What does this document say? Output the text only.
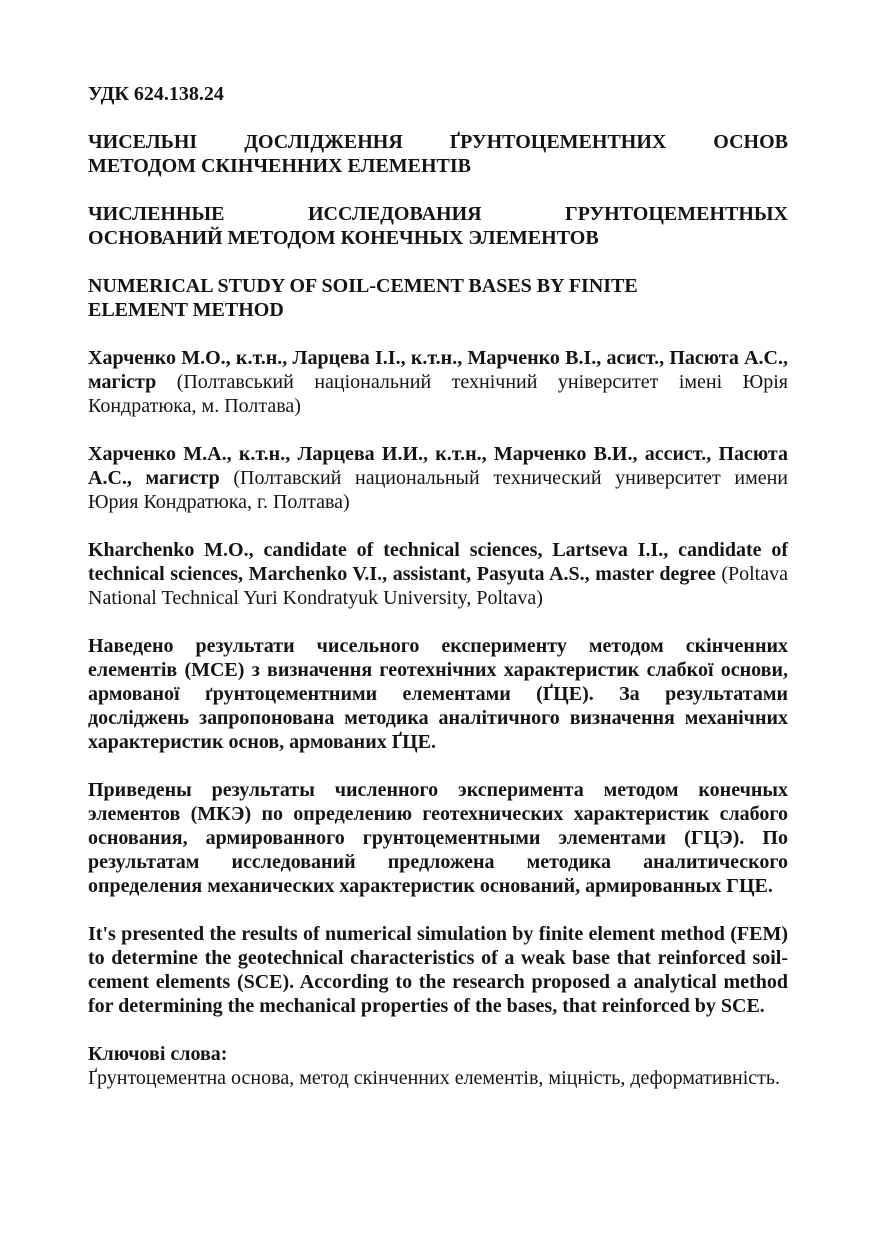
УДК 624.138.24

ЧИСЕЛЬНІ ДОСЛІДЖЕННЯ ҐРУНТОЦЕМЕНТНИХ ОСНОВ
МЕТОДОМ СКІНЧЕННИХ ЕЛЕМЕНТІВ
ЧИСЛЕННЫЕ ИССЛЕДОВАНИЯ ГРУНТОЦЕМЕНТНЫХ
ОСНОВАНИЙ МЕТОДОМ КОНЕЧНЫХ ЭЛЕМЕНТОВ
NUMERICAL STUDY OF SOIL-CEMENT BASES BY FINITE
ELEMENT METHOD

Харченко М.О., к.т.н., Ларцева І.І., к.т.н., Марченко В.І., асист., Пасюта А.С., магістр (Полтавський національний технічний університет імені Юрія Кондратюка, м. Полтава)

Харченко М.А., к.т.н., Ларцева И.И., к.т.н., Марченко В.И., ассист., Пасюта А.С., магистр (Полтавский национальный технический университет имени Юрия Кондратюка, г. Полтава)

Kharchenko M.O., candidate of technical sciences, Lartseva I.I., candidate of technical sciences, Marchenko V.I., assistant, Pasyuta A.S., master degree (Poltava National Technical Yuri Kondratyuk University, Poltava)

Наведено результати чисельного експерименту методом скінченних елементів (МСЕ) з визначення геотехнічних характеристик слабкої основи, армованої ґрунтоцементними елементами (ҐЦЕ). За результатами досліджень запропонована методика аналітичного визначення механічних характеристик основ, армованих ҐЦЕ.

Приведены результаты численного эксперимента методом конечных элементов (МКЭ) по определению геотехнических характеристик слабого основания, армированного грунтоцементными элементами (ГЦЭ). По результатам исследований предложена методика аналитического определения механических характеристик оснований, армированных ГЦЕ.

It's presented the results of numerical simulation by finite element method (FEM) to determine the geotechnical characteristics of a weak base that reinforced soil-cement elements (SCE). According to the research proposed a analytical method for determining the mechanical properties of the bases, that reinforced by SCE.

Ключові слова:
Ґрунтоцементна основа, метод скінченних елементів, міцність, деформативність.
